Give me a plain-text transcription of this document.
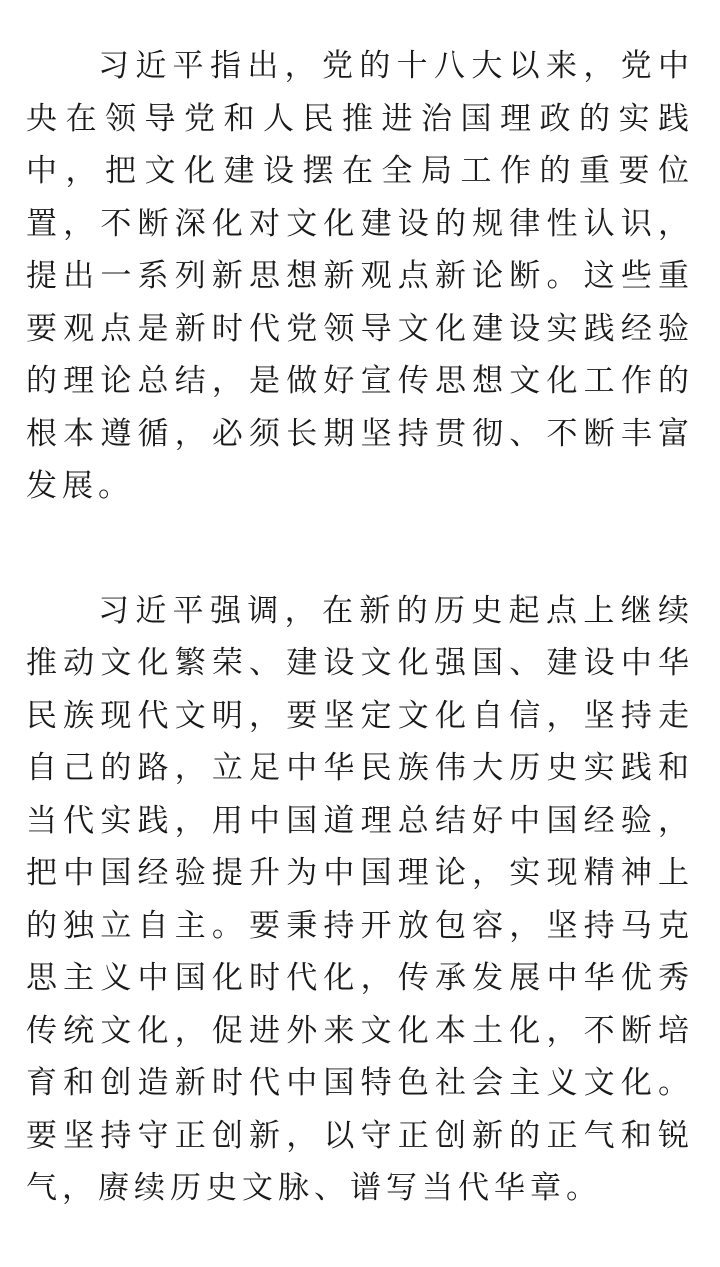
习近平指出，党的十八大以来，党中央在领导党和人民推进治国理政的实践中，把文化建设摆在全局工作的重要位置，不断深化对文化建设的规律性认识，提出一系列新思想新观点新论断。这些重要观点是新时代党领导文化建设实践经验的理论总结，是做好宣传思想文化工作的根本遵循，必须长期坚持贯彻、不断丰富发展。

习近平强调，在新的历史起点上继续推动文化繁荣、建设文化强国、建设中华民族现代文明，要坚定文化自信，坚持走自己的路，立足中华民族伟大历史实践和当代实践，用中国道理总结好中国经验，把中国经验提升为中国理论，实现精神上的独立自主。要秉持开放包容，坚持马克思主义中国化时代化，传承发展中华优秀传统文化，促进外来文化本土化，不断培育和创造新时代中国特色社会主义文化。要坚持守正创新，以守正创新的正气和锐气，赓续历史文脉、谱写当代华章。
